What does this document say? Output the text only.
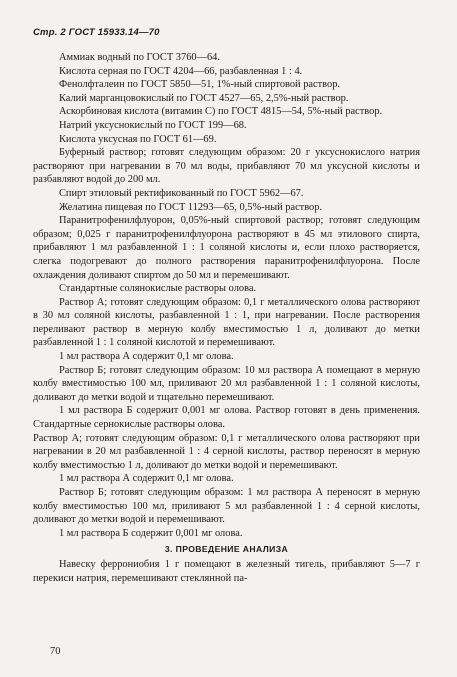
Стр. 2 ГОСТ 15933.14—70

Аммиак водный по ГОСТ 3760—64.

Кислота серная по ГОСТ 4204—66, разбавленная 1 : 4.

Фенолфталеин по ГОСТ 5850—51, 1%-ный спиртовой раствор.

Калий марганцовокислый по ГОСТ 4527—65, 2,5%-ный раствор.

Аскорбиновая кислота (витамин С) по ГОСТ 4815—54, 5%-ный раствор.

Натрий уксуснокислый по ГОСТ 199—68.

Кислота уксусная по ГОСТ 61—69.

Буферный раствор; готовят следующим образом: 20 г уксуснокислого натрия растворяют при нагревании в 70 мл воды, прибавляют 70 мл уксусной кислоты и разбавляют водой до 200 мл.

Спирт этиловый ректификованный по ГОСТ 5962—67.

Желатина пищевая по ГОСТ 11293—65, 0,5%-ный раствор.

Паранитрофенилфлуорон, 0,05%-ный спиртовой раствор; готовят следующим образом; 0,025 г паранитрофенилфлуорона растворяют в 45 мл этилового спирта, прибавляют 1 мл разбавленной 1 : 1 соляной кислоты и, если плохо растворяется, слегка подогревают до полного растворения паранитрофенилфлуорона. После охлаждения доливают спиртом до 50 мл и перемешивают.

Стандартные солянокислые растворы олова.

Раствор А; готовят следующим образом: 0,1 г металлического олова растворяют в 30 мл соляной кислоты, разбавленной 1 : 1, при нагревании. После растворения переливают раствор в мерную колбу вместимостью 1 л, доливают до метки разбавленной 1 : 1 соляной кислотой и перемешивают.

1 мл раствора А содержит 0,1 мг олова.

Раствор Б; готовят следующим образом: 10 мл раствора А помещают в мерную колбу вместимостью 100 мл, приливают 20 мл разбавленной 1 : 1 соляной кислоты, доливают до метки водой и тщательно перемешивают.

1 мл раствора Б содержит 0,001 мг олова. Раствор готовят в день применения. Стандартные сернокислые растворы олова.

Раствор А; готовят следующим образом: 0,1 г металлического олова растворяют при нагревании в 20 мл разбавленной 1 : 4 серной кислоты, раствор переносят в мерную колбу вместимостью 1 л, доливают до метки водой и перемешивают.

1 мл раствора А содержит 0,1 мг олова.

Раствор Б; готовят следующим образом: 1 мл раствора А переносят в мерную колбу вместимостью 100 мл, приливают 5 мл разбавленной 1 : 4 серной кислоты, доливают до метки водой и перемешивают.

1 мл раствора Б содержит 0,001 мг олова.

3. ПРОВЕДЕНИЕ АНАЛИЗА

Навеску феррониобия 1 г помещают в железный тигель, прибавляют 5—7 г перекиси натрия, перемешивают стеклянной па-

70
